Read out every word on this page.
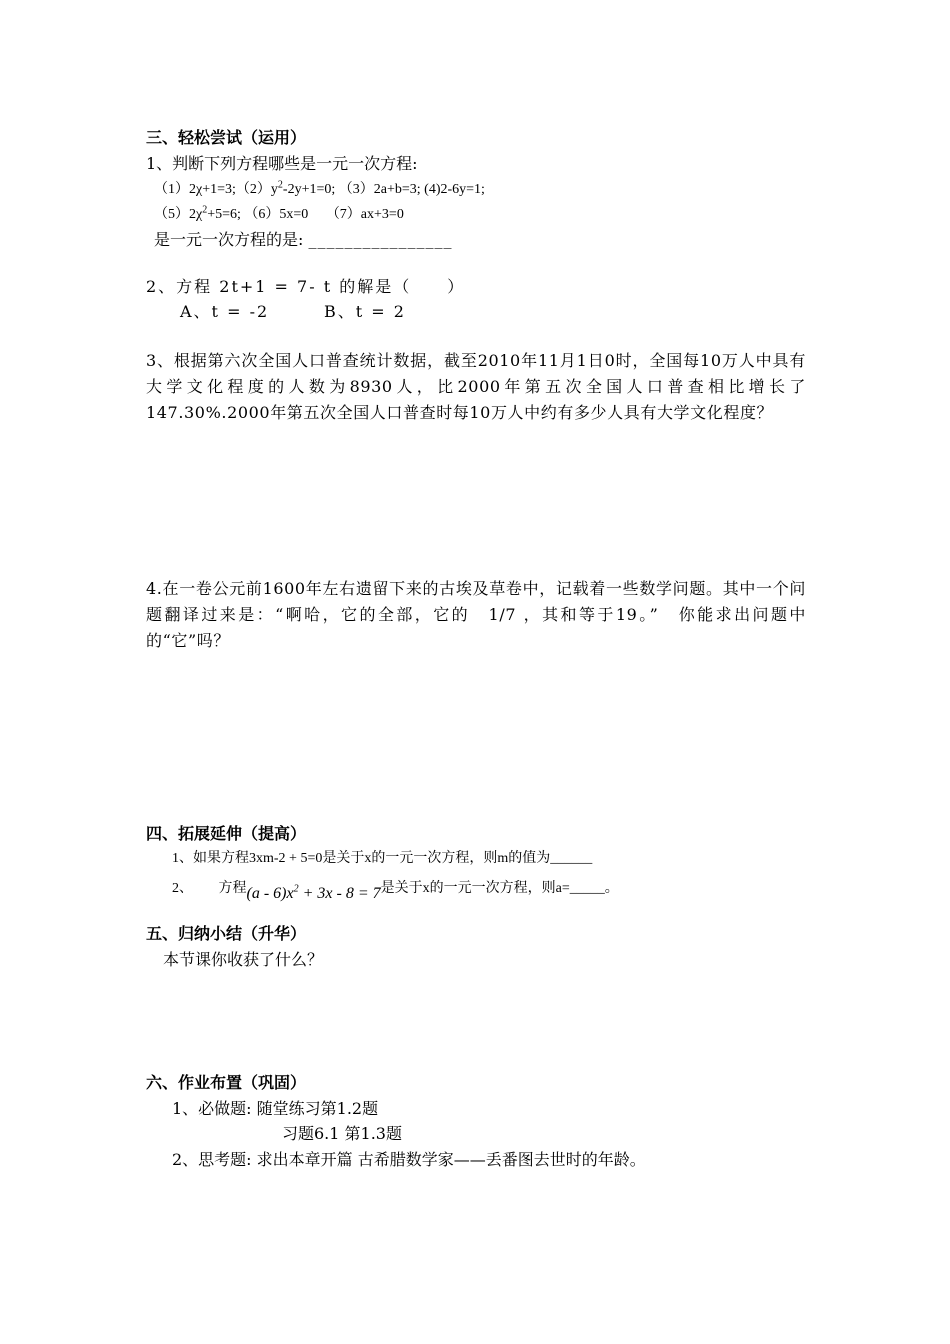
三、轻松尝试（运用）
1、判断下列方程哪些是一元一次方程:
$(1)2\chi+1=3;(2)y^2-2y+1=0$; （3）2a+b=3; (4)2-6y=1;
$(5)2\chi^2+5=6$; （6）5x=0 （7）ax+3=0
是一元一次方程的是: ________________
2、方程 2t+1 = 7- t 的解是（　　）
A、t = -2	B、t = 2
3、根据第六次全国人口普查统计数据，截至2010年11月1日0时，全国每10万人中具有大学文化程度的人数为8930人，比2000年第五次全国人口普查相比增长了147.30%.2000年第五次全国人口普查时每10万人中约有多少人具有大学文化程度？
4.在一卷公元前1600年左右遗留下来的古埃及草卷中，记载着一些数学问题。其中一个问题翻译过来是：“啊哈，它的全部，它的　1/7 ，其和等于19。”　你能求出问题中的“它”吗？
四、拓展延伸（提高）
1、如果方程3xm-2 + 5=0是关于x的一元一次方程，则m的值为______
2、 方程$(a - 6)x^2 + 3x - 8 = 7$是关于x的一元一次方程，则a=_____。
五、归纳小结（升华）
本节课你收获了什么？
六、作业布置（巩固）
1、必做题: 随堂练习第1.2题
习题6.1 第1.3题
2、思考题: 求出本章开篇 古希腊数学家——丢番图去世时的年龄。
